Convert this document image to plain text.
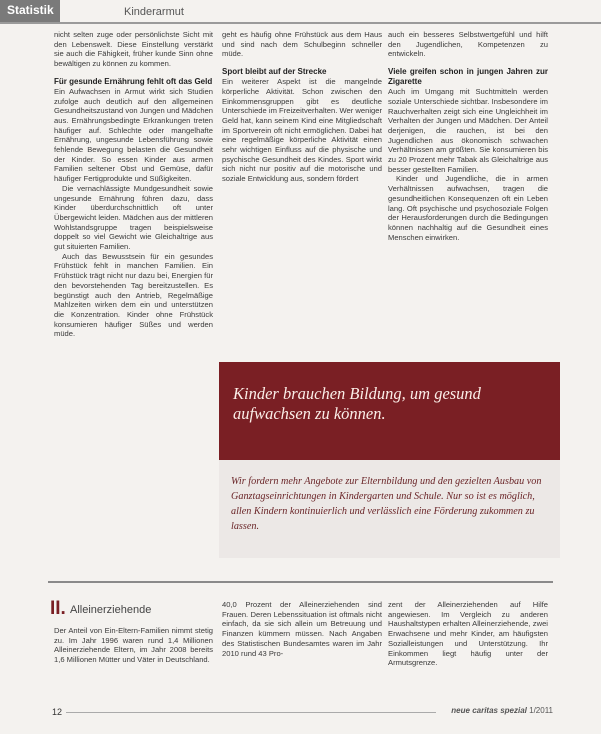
Statistik	Kinderarmut

nicht selten zuge oder persönlichste Sicht mit den Lebenswelt. Diese Einstellung verstärkt sie auch die Fähigkeit, früher kunde Sinn ohne bewältigen zu können zu kommen.

Für gesunde Ernährung fehlt oft das Geld

Ein Aufwachsen in Armut wirkt sich Studien zufolge auch deutlich auf den allgemeinen Gesundheitszustand von Jungen und Mädchen aus. Ernährungsbedingte Erkrankungen treten häufiger auf. Schlechte oder mangelhafte Ernährung, ungesunde Lebensführung sowie fehlende Bewegung belasten die Gesundheit der Kinder. So essen Kinder aus armen Familien seltener Obst und Gemüse, dafür häufiger Fertigprodukte und Süßigkeiten.

Die vernachlässigte Mundgesundheit sowie ungesunde Ernährung führen dazu, dass Kinder überdurchschnittlich oft unter Übergewicht leiden. Mädchen aus der mittleren Wohlstandsgruppe tragen beispielsweise doppelt so viel Gewicht wie Gleichaltrige aus gut situierten Familien.

Auch das Bewusstsein für ein gesundes Frühstück fehlt in manchen Familien. Ein Frühstück trägt nicht nur dazu bei, Energien für den bevorstehenden Tag bereitzustellen. Es begünstigt auch den Antrieb, Regelmäßige Mahlzeiten wirken dem ein und unterstützen die Konzentration. Kinder ohne Frühstück konsumieren häufiger Süßes und werden müde.

geht es häufig ohne Frühstück aus dem Haus und sind nach dem Schulbeginn schneller müde.

Sport bleibt auf der Strecke

Ein weiterer Aspekt ist die mangelnde körperliche Aktivität. Schon zwischen den Einkommensgruppen gibt es deutliche Unterschiede im Freizeitverhalten. Wer weniger Geld hat, kann seinem Kind eine Mitgliedschaft im Sportverein oft nicht ermöglichen. Dabei hat eine regelmäßige körperliche Aktivität einen sehr wichtigen Einfluss auf die physische und psychische Gesundheit des Kindes. Sport wirkt sich nicht nur positiv auf die motorische und soziale Entwicklung aus, sondern fördert

auch ein besseres Selbstwertgefühl und hilft den Jugendlichen, Kompetenzen zu entwickeln.

Viele greifen schon in jungen Jahren zur Zigarette

Auch im Umgang mit Suchtmitteln werden soziale Unterschiede sichtbar. Insbesondere im Rauchverhalten zeigt sich eine Ungleichheit im Verhalten der Jungen und Mädchen. Der Anteil derjenigen, die rauchen, ist bei den Jugendlichen aus ökonomisch schwachen Verhältnissen am größten. Sie konsumieren bis zu 20 Prozent mehr Tabak als Gleichaltrige aus besser gestellten Familien.

Kinder und Jugendliche, die in armen Verhältnissen aufwachsen, tragen die gesundheitlichen Konsequenzen oft ein Leben lang. Oft psychische und psychosoziale Folgen der Herausforderungen durch die Bedingungen können nachhaltig auf die Gesundheit eines Menschen einwirken.

Kinder brauchen Bildung, um gesund aufwachsen zu können.
Wir fordern mehr Angebote zur Elternbildung und den gezielten Ausbau von Ganztagseinrichtungen in Kindergarten und Schule. Nur so ist es möglich, allen Kindern kontinuierlich und verlässlich eine Förderung zukommen zu lassen.
II. Alleinerziehende

Der Anteil von Ein-Eltern-Familien nimmt stetig zu. Im Jahr 1996 waren rund 1,4 Millionen Alleinerziehende Eltern, im Jahr 2008 bereits 1,6 Millionen Mütter und Väter in Deutschland.

40,0 Prozent der Alleinerziehenden sind Frauen. Deren Lebenssituation ist oftmals nicht einfach, da sie sich allein um Betreuung und Finanzen kümmern müssen. Nach Angaben des Statistischen Bundesamtes waren im Jahr 2010 rund 43 Pro-

zent der Alleinerziehenden auf Hilfe angewiesen. Im Vergleich zu anderen Haushaltstypen erhalten Alleinerziehende, zwei Erwachsene und mehr Kinder, am häufigsten Sozialleistungen und Unterstützung. Ihr Einkommen liegt häufig unter der Armutsgrenze.

12	neue caritas spezial 1/2011
